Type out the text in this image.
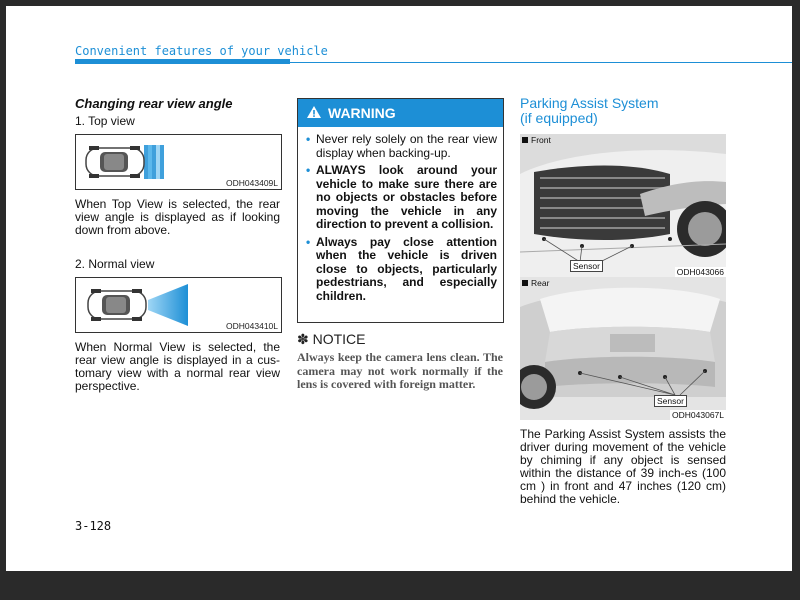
Convenient features of your vehicle
Changing rear view angle
1. Top view
ODH043409L
When Top View is selected, the rear view angle is displayed as if looking down from above.
2. Normal view
ODH043410L
When Normal View is selected, the rear view angle is displayed in a cus-tomary view with a normal rear view perspective.
WARNING
• Never rely solely on the rear view display when backing-up.
• ALWAYS look around your vehicle to make sure there are no objects or obstacles before moving the vehicle in any direction to prevent a collision.
• Always pay close attention when the vehicle is driven close to objects, particularly pedestrians, and especially children.
✽ NOTICE
Always keep the camera lens clean. The camera may not work normally if the lens is covered with foreign matter.
Parking Assist System
(if equipped)
Front
Sensor
ODH043066
Rear
Sensor
ODH043067L
The Parking Assist System assists the driver during movement of the vehicle by chiming if any object is sensed within the distance of 39 inch-es (100 cm ) in front and 47 inches (120 cm) behind the vehicle.
3-128
